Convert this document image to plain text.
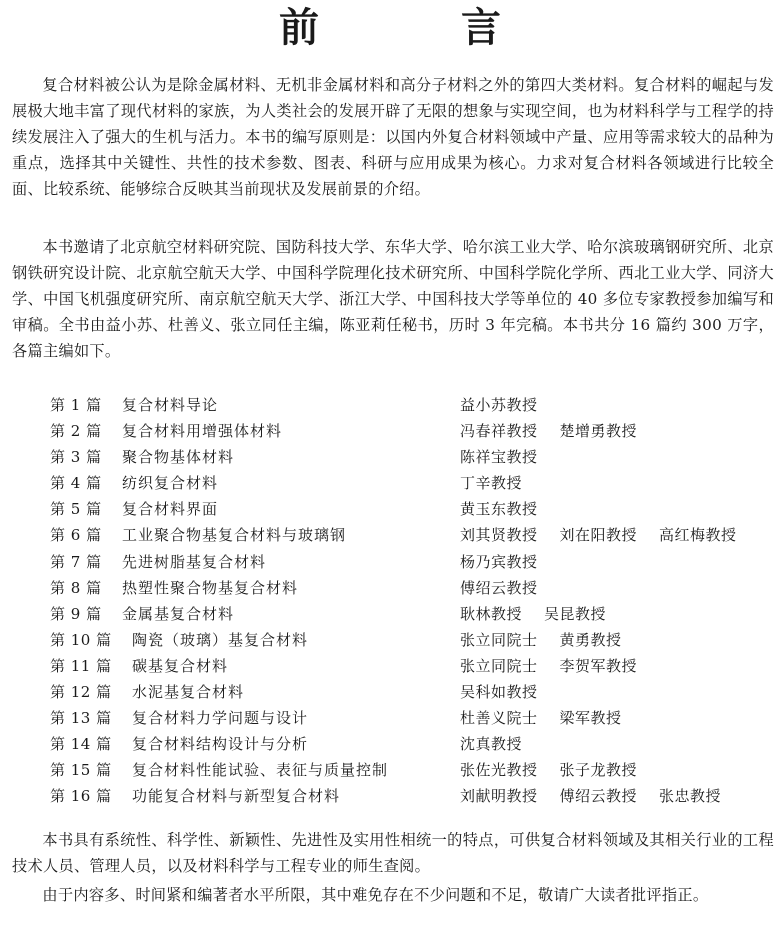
前 言

复合材料被公认为是除金属材料、无机非金属材料和高分子材料之外的第四大类材料。复合材料的崛起与发展极大地丰富了现代材料的家族，为人类社会的发展开辟了无限的想象与实现空间，也为材料科学与工程学的持续发展注入了强大的生机与活力。本书的编写原则是：以国内外复合材料领域中产量、应用等需求较大的品种为重点，选择其中关键性、共性的技术参数、图表、科研与应用成果为核心。力求对复合材料各领域进行比较全面、比较系统、能够综合反映其当前现状及发展前景的介绍。

本书邀请了北京航空材料研究院、国防科技大学、东华大学、哈尔滨工业大学、哈尔滨玻璃钢研究所、北京钢铁研究设计院、北京航空航天大学、中国科学院理化技术研究所、中国科学院化学所、西北工业大学、同济大学、中国飞机强度研究所、南京航空航天大学、浙江大学、中国科技大学等单位的 40 多位专家教授参加编写和审稿。全书由益小苏、杜善义、张立同任主编，陈亚莉任秘书，历时 3 年完稿。本书共分 16 篇约 300 万字，各篇主编如下。

第 1 篇	复合材料导论	益小苏教授
第 2 篇	复合材料用增强体材料	冯春祥教授 楚增勇教授
第 3 篇	聚合物基体材料	陈祥宝教授
第 4 篇	纺织复合材料	丁辛教授
第 5 篇	复合材料界面	黄玉东教授
第 6 篇	工业聚合物基复合材料与玻璃钢	刘其贤教授 刘在阳教授 高红梅教授
第 7 篇	先进树脂基复合材料	杨乃宾教授
第 8 篇	热塑性聚合物基复合材料	傅绍云教授
第 9 篇	金属基复合材料	耿林教授 吴昆教授
第 10 篇	陶瓷（玻璃）基复合材料	张立同院士 黄勇教授
第 11 篇	碳基复合材料	张立同院士 李贺军教授
第 12 篇	水泥基复合材料	吴科如教授
第 13 篇	复合材料力学问题与设计	杜善义院士 梁军教授
第 14 篇	复合材料结构设计与分析	沈真教授
第 15 篇	复合材料性能试验、表征与质量控制	张佐光教授 张子龙教授
第 16 篇	功能复合材料与新型复合材料	刘献明教授 傅绍云教授 张忠教授

本书具有系统性、科学性、新颖性、先进性及实用性相统一的特点，可供复合材料领域及其相关行业的工程技术人员、管理人员，以及材料科学与工程专业的师生查阅。

由于内容多、时间紧和编著者水平所限，其中难免存在不少问题和不足，敬请广大读者批评指正。
